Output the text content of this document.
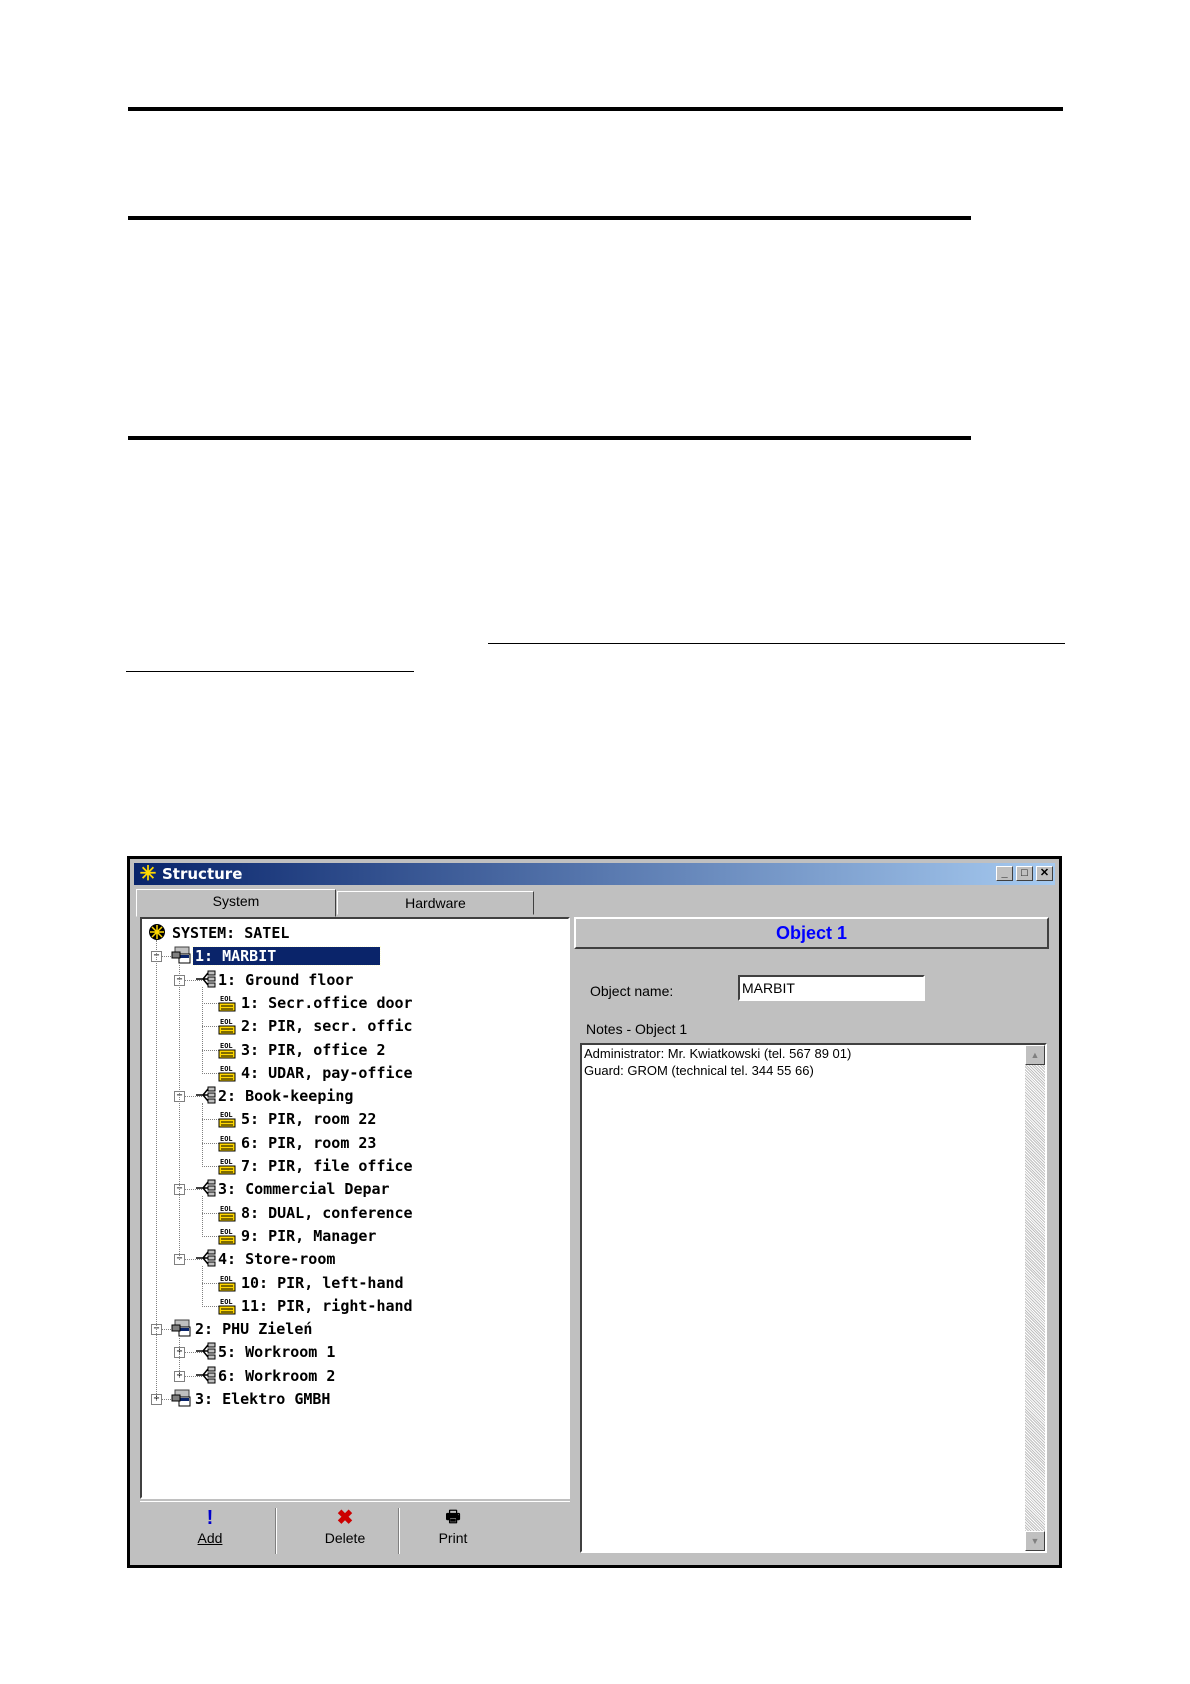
✳ Structure	_	□	✕
System	Hardware
SYSTEM: SATEL
− 1: MARBIT
− 1: Ground floor
EOL 1: Secr.office door
EOL 2: PIR, secr. offic
EOL 3: PIR, office 2
EOL 4: UDAR, pay-office
− 2: Book-keeping
EOL 5: PIR, room 22
EOL 6: PIR, room 23
EOL 7: PIR, file office
− 3: Commercial Depar
EOL 8: DUAL, conference
EOL 9: PIR, Manager
− 4: Store-room
EOL 10: PIR, left-hand
EOL 11: PIR, right-hand
− 2: PHU Zieleń
+ 5: Workroom 1
+ 6: Workroom 2
+ 3: Elektro GMBH
!
Add
✖
Delete
🖶
Print
Object 1
Object name:	MARBIT
Notes - Object 1
Administrator: Mr. Kwiatkowski (tel. 567 89 01)
Guard: GROM (technical tel. 344 55 66)
▲
▼
